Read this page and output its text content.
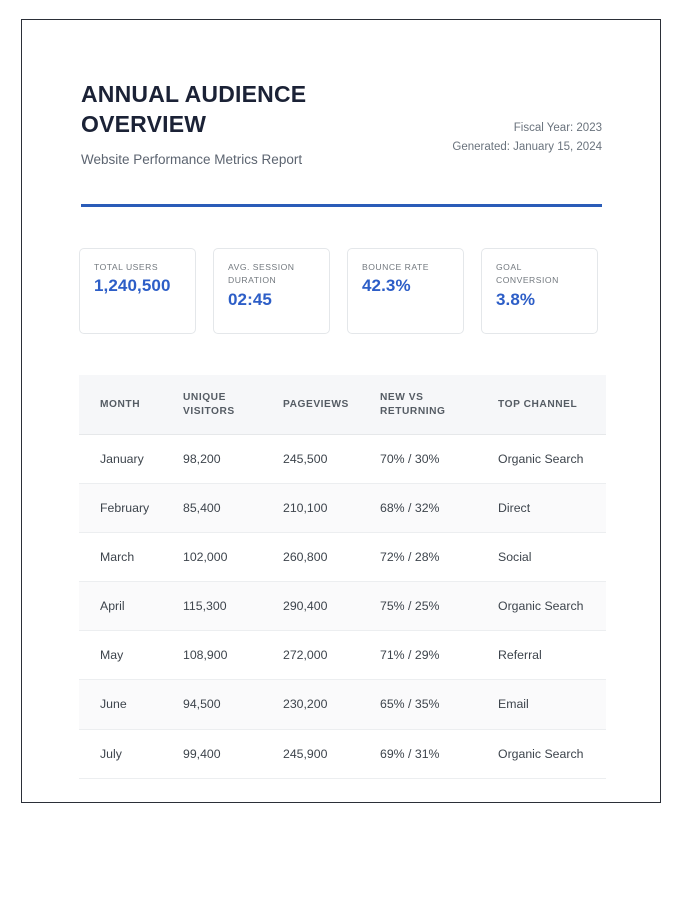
ANNUAL AUDIENCE OVERVIEW

Website Performance Metrics Report

Fiscal Year: 2023
Generated: January 15, 2024
TOTAL USERS
1,240,500
AVG. SESSION DURATION
02:45
BOUNCE RATE
42.3%
GOAL CONVERSION
3.8%
MONTH	UNIQUE VISITORS	PAGEVIEWS	NEW VS RETURNING	TOP CHANNEL
January	98,200	245,500	70% / 30%	Organic Search
February	85,400	210,100	68% / 32%	Direct
March	102,000	260,800	72% / 28%	Social
April	115,300	290,400	75% / 25%	Organic Search
May	108,900	272,000	71% / 29%	Referral
June	94,500	230,200	65% / 35%	Email
July	99,400	245,900	69% / 31%	Organic Search
